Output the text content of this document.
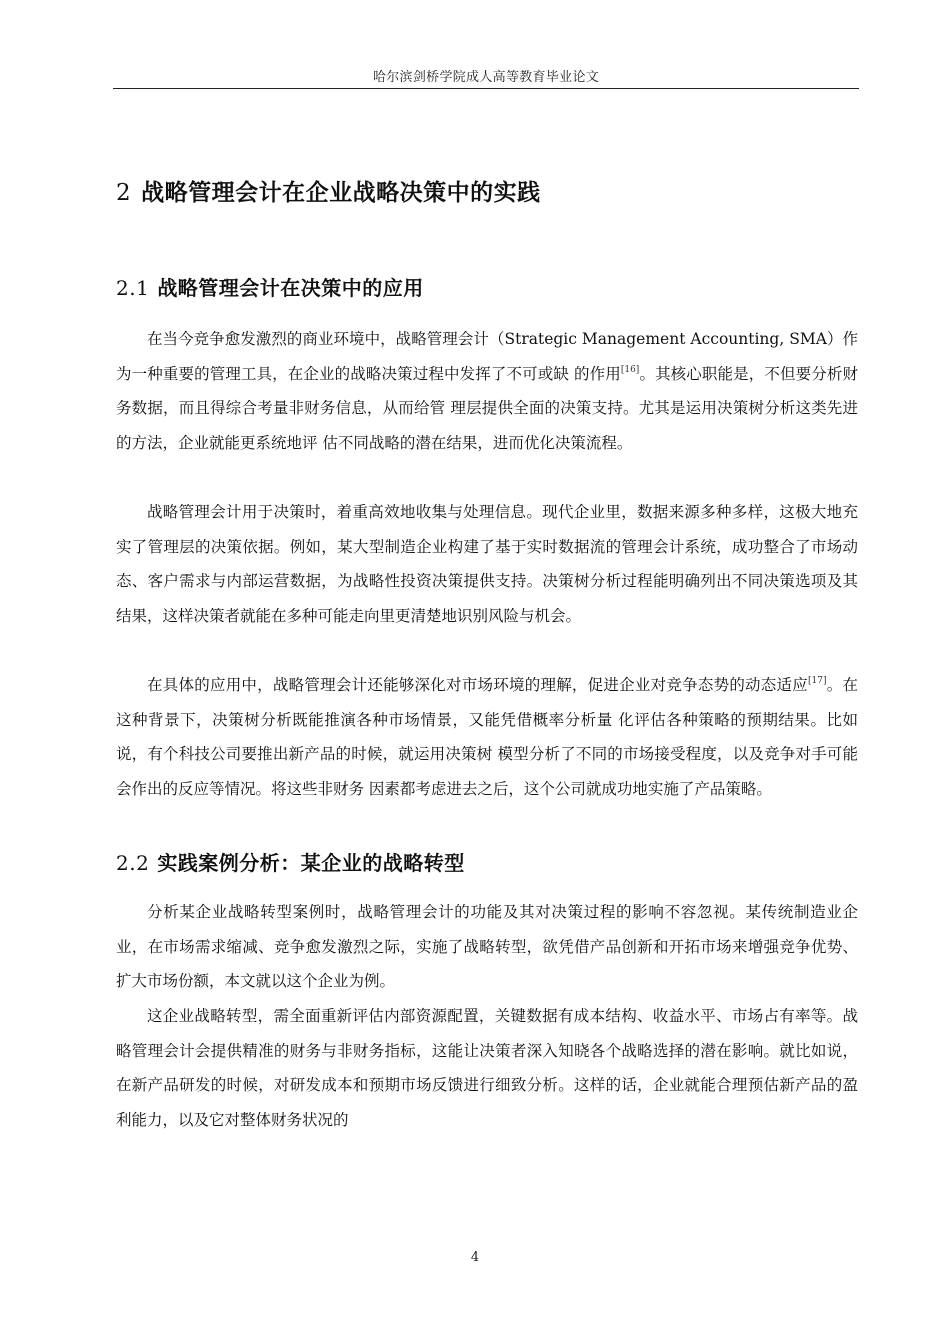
哈尔滨剑桥学院成人高等教育毕业论文
2 战略管理会计在企业战略决策中的实践
2.1 战略管理会计在决策中的应用

在当今竞争愈发激烈的商业环境中，战略管理会计（Strategic Management Accounting, SMA）作为一种重要的管理工具，在企业的战略决策过程中发挥了不可或缺 的作用[16]。其核心职能是，不但要分析财务数据，而且得综合考量非财务信息，从而给管 理层提供全面的决策支持。尤其是运用决策树分析这类先进的方法，企业就能更系统地评 估不同战略的潜在结果，进而优化决策流程。

战略管理会计用于决策时，着重高效地收集与处理信息。现代企业里，数据来源多种多样，这极大地充实了管理层的决策依据。例如，某大型制造企业构建了基于实时数据流的管理会计系统，成功整合了市场动态、客户需求与内部运营数据，为战略性投资决策提供支持。决策树分析过程能明确列出不同决策选项及其结果，这样决策者就能在多种可能走向里更清楚地识别风险与机会。

在具体的应用中，战略管理会计还能够深化对市场环境的理解，促进企业对竞争态势的动态适应[17]。在这种背景下，决策树分析既能推演各种市场情景，又能凭借概率分析量 化评估各种策略的预期结果。比如说，有个科技公司要推出新产品的时候，就运用决策树 模型分析了不同的市场接受程度，以及竞争对手可能会作出的反应等情况。将这些非财务 因素都考虑进去之后，这个公司就成功地实施了产品策略。

2.2 实践案例分析：某企业的战略转型

分析某企业战略转型案例时，战略管理会计的功能及其对决策过程的影响不容忽视。某传统制造业企业，在市场需求缩减、竞争愈发激烈之际，实施了战略转型，欲凭借产品创新和开拓市场来增强竞争优势、扩大市场份额，本文就以这个企业为例。

这企业战略转型，需全面重新评估内部资源配置，关键数据有成本结构、收益水平、市场占有率等。战略管理会计会提供精准的财务与非财务指标，这能让决策者深入知晓各个战略选择的潜在影响。就比如说，在新产品研发的时候，对研发成本和预期市场反馈进行细致分析。这样的话，企业就能合理预估新产品的盈利能力，以及它对整体财务状况的

4
